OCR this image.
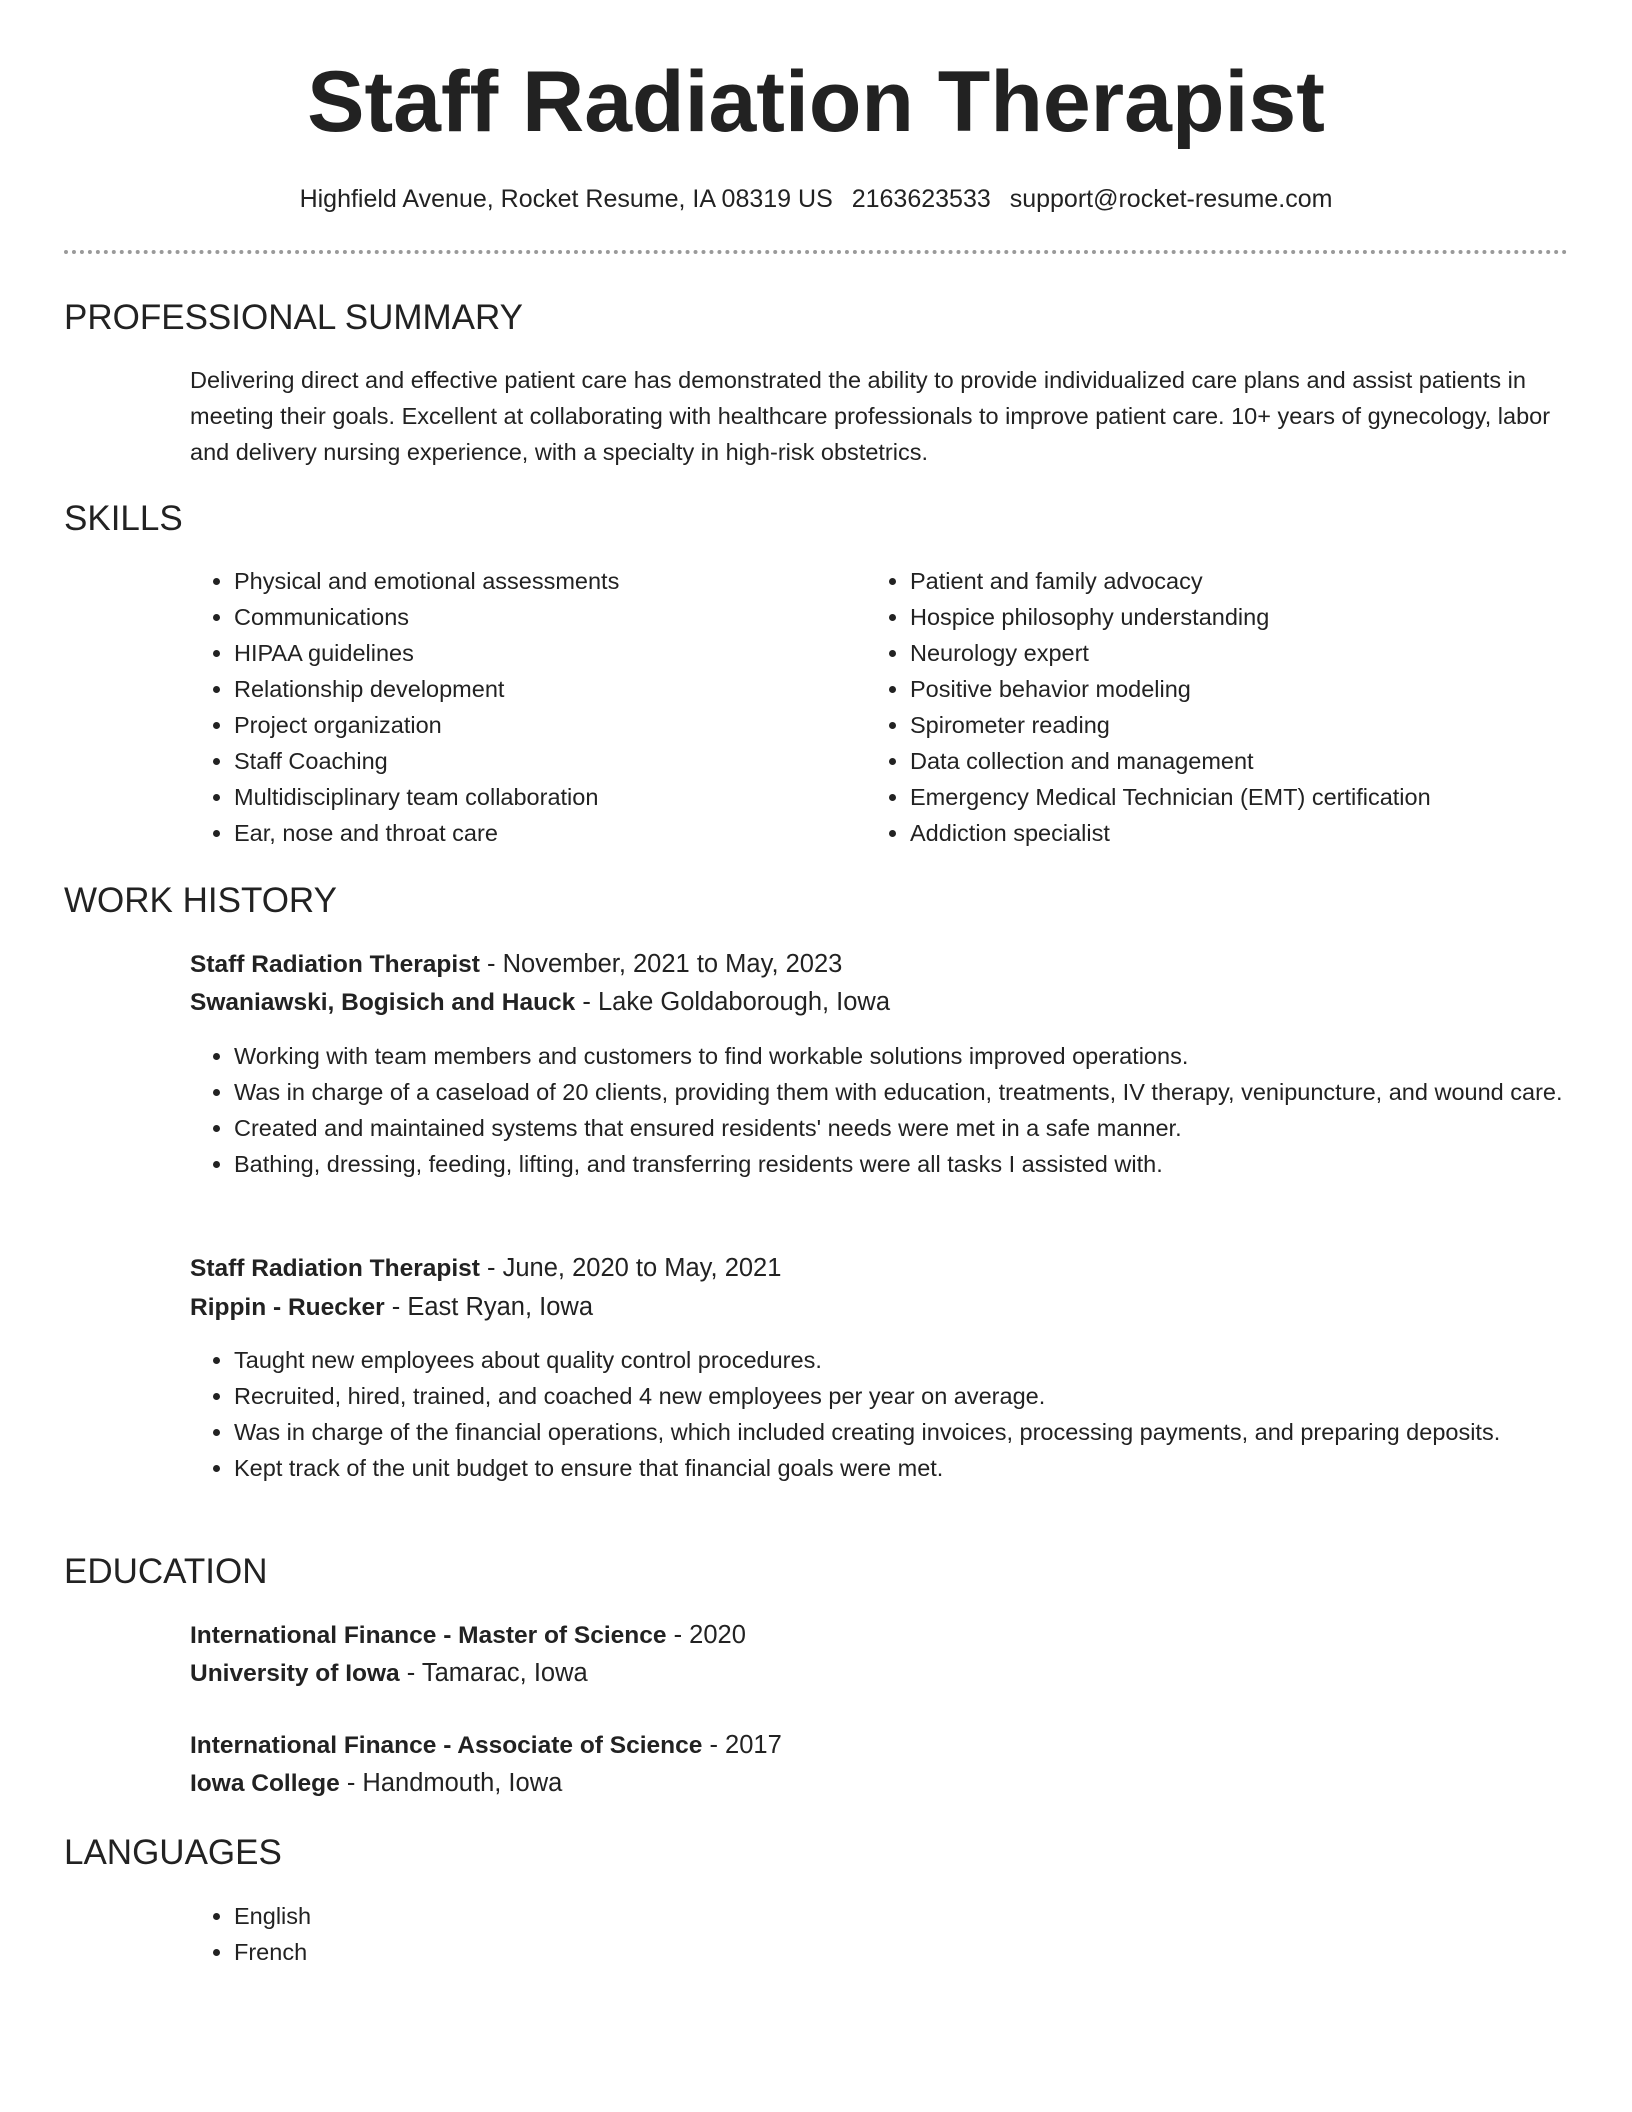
Staff Radiation Therapist
Highfield Avenue, Rocket Resume, IA 08319 US 2163623533 support@rocket-resume.com
PROFESSIONAL SUMMARY
Delivering direct and effective patient care has demonstrated the ability to provide individualized care plans and assist patients in meeting their goals. Excellent at collaborating with healthcare professionals to improve patient care. 10+ years of gynecology, labor and delivery nursing experience, with a specialty in high-risk obstetrics.
SKILLS
• Physical and emotional assessments
• Communications
• HIPAA guidelines
• Relationship development
• Project organization
• Staff Coaching
• Multidisciplinary team collaboration
• Ear, nose and throat care
• Patient and family advocacy
• Hospice philosophy understanding
• Neurology expert
• Positive behavior modeling
• Spirometer reading
• Data collection and management
• Emergency Medical Technician (EMT) certification
• Addiction specialist
WORK HISTORY
Staff Radiation Therapist - November, 2021 to May, 2023
Swaniawski, Bogisich and Hauck - Lake Goldaborough, Iowa
• Working with team members and customers to find workable solutions improved operations.
• Was in charge of a caseload of 20 clients, providing them with education, treatments, IV therapy, venipuncture, and wound care.
• Created and maintained systems that ensured residents' needs were met in a safe manner.
• Bathing, dressing, feeding, lifting, and transferring residents were all tasks I assisted with.
Staff Radiation Therapist - June, 2020 to May, 2021
Rippin - Ruecker - East Ryan, Iowa
• Taught new employees about quality control procedures.
• Recruited, hired, trained, and coached 4 new employees per year on average.
• Was in charge of the financial operations, which included creating invoices, processing payments, and preparing deposits.
• Kept track of the unit budget to ensure that financial goals were met.
EDUCATION
International Finance - Master of Science - 2020
University of Iowa - Tamarac, Iowa
International Finance - Associate of Science - 2017
Iowa College - Handmouth, Iowa
LANGUAGES
• English
• French
